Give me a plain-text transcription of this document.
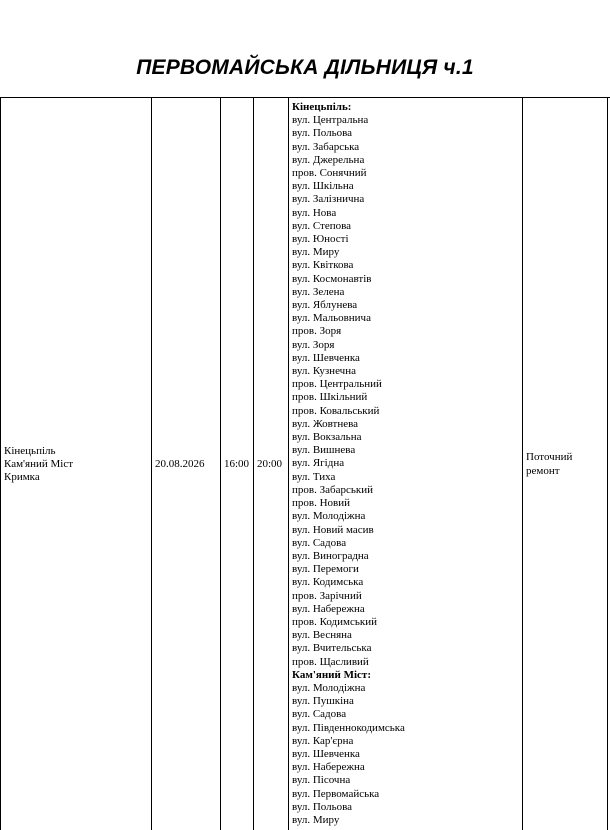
ПЕРВОМАЙСЬКА ДІЛЬНИЦЯ ч.1
Кінецьпіль
Кам'яний Міст
Кримка
20.08.2026 16:00 20:00
Кінецьпіль:
вул. Центральна
вул. Польова
вул. Забарська
вул. Джерельна
пров. Сонячний
вул. Шкільна
вул. Залізнична
вул. Нова
вул. Степова
вул. Юності
вул. Миру
вул. Квіткова
вул. Космонавтів
вул. Зелена
вул. Яблунева
вул. Мальовнича
пров. Зоря
вул. Зоря
вул. Шевченка
вул. Кузнечна
пров. Центральний
пров. Шкільний
пров. Ковальський
вул. Жовтнева
вул. Вокзальна
вул. Вишнева
вул. Ягідна
вул. Тиха
пров. Забарський
пров. Новий
вул. Молодіжна
вул. Новий масив
вул. Садова
вул. Виноградна
вул. Перемоги
вул. Кодимська
пров. Зарічний
вул. Набережна
пров. Кодимський
вул. Весняна
вул. Вчительська
пров. Щасливий
Кам'яний Міст:
вул. Молодіжна
вул. Пушкіна
вул. Садова
вул. Південнокодимська
вул. Кар'єрна
вул. Шевченка
вул. Набережна
вул. Пісочна
вул. Первомайська
вул. Польова
вул. Миру
Поточний
ремонт
